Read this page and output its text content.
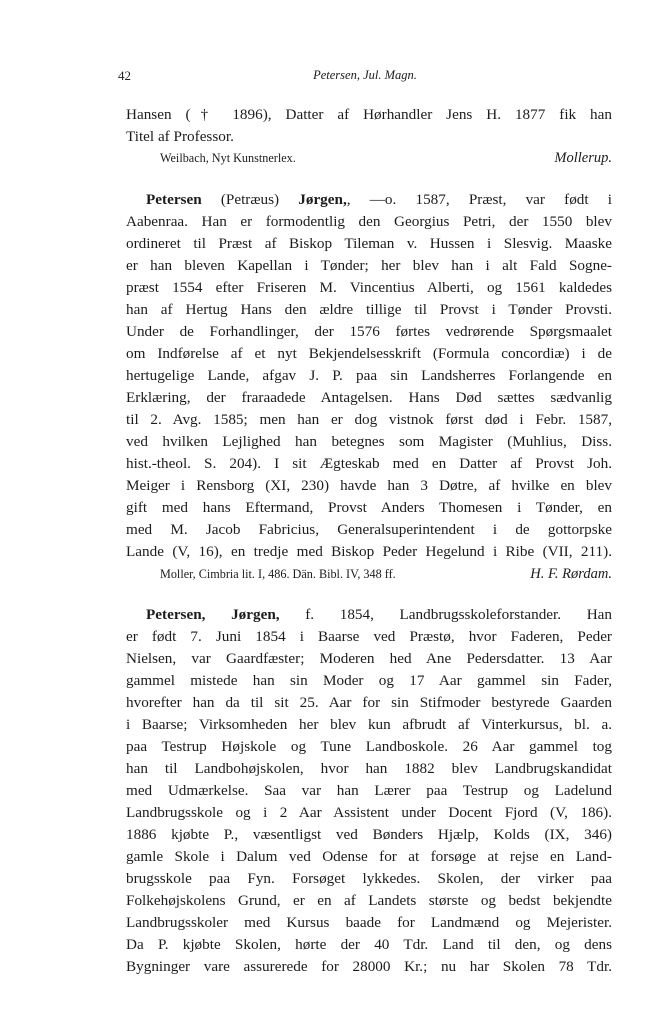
42	Petersen, Jul. Magn.
Hansen († 1896), Datter af Hørhandler Jens H. 1877 fik han
Titel af Professor.
Weilbach, Nyt Kunstnerlex.	Mollerup.
Petersen (Petræus) Jørgen,, —o. 1587, Præst, var født i
Aabenraa. Han er formodentlig den Georgius Petri, der 1550 blev
ordineret til Præst af Biskop Tileman v. Hussen i Slesvig. Maaske
er han bleven Kapellan i Tønder; her blev han i alt Fald Sogne-
præst 1554 efter Friseren M. Vincentius Alberti, og 1561 kaldedes
han af Hertug Hans den ældre tillige til Provst i Tønder Provsti.
Under de Forhandlinger, der 1576 førtes vedrørende Spørgsmaalet
om Indførelse af et nyt Bekjendelsesskrift (Formula concordiæ) i de
hertugelige Lande, afgav J. P. paa sin Landsherres Forlangende en
Erklæring, der fraraadede Antagelsen. Hans Død sættes sædvanlig
til 2. Avg. 1585; men han er dog vistnok først død i Febr. 1587,
ved hvilken Lejlighed han betegnes som Magister (Muhlius, Diss.
hist.-theol. S. 204). I sit Ægteskab med en Datter af Provst Joh.
Meiger i Rensborg (XI, 230) havde han 3 Døtre, af hvilke en blev
gift med hans Eftermand, Provst Anders Thomesen i Tønder, en
med M. Jacob Fabricius, Generalsuperintendent i de gottorpske
Lande (V, 16), en tredje med Biskop Peder Hegelund i Ribe (VII, 211).
Moller, Cimbria lit. I, 486. Dän. Bibl. IV, 348 ff.	H. F. Rørdam.
Petersen, Jørgen, f. 1854, Landbrugsskoleforstander. Han
er født 7. Juni 1854 i Baarse ved Præstø, hvor Faderen, Peder
Nielsen, var Gaardfæster; Moderen hed Ane Pedersdatter. 13 Aar
gammel mistede han sin Moder og 17 Aar gammel sin Fader,
hvorefter han da til sit 25. Aar for sin Stifmoder bestyrede Gaarden
i Baarse; Virksomheden her blev kun afbrudt af Vinterkursus, bl. a.
paa Testrup Højskole og Tune Landboskole. 26 Aar gammel tog
han til Landbohøjskolen, hvor han 1882 blev Landbrugskandidat
med Udmærkelse. Saa var han Lærer paa Testrup og Ladelund
Landbrugsskole og i 2 Aar Assistent under Docent Fjord (V, 186).
1886 kjøbte P., væsentligst ved Bønders Hjælp, Kolds (IX, 346)
gamle Skole i Dalum ved Odense for at forsøge at rejse en Land-
brugsskole paa Fyn. Forsøget lykkedes. Skolen, der virker paa
Folkehøjskolens Grund, er en af Landets største og bedst bekjendte
Landbrugsskoler med Kursus baade for Landmænd og Mejerister.
Da P. kjøbte Skolen, hørte der 40 Tdr. Land til den, og dens
Bygninger vare assurerede for 28000 Kr.; nu har Skolen 78 Tdr.
